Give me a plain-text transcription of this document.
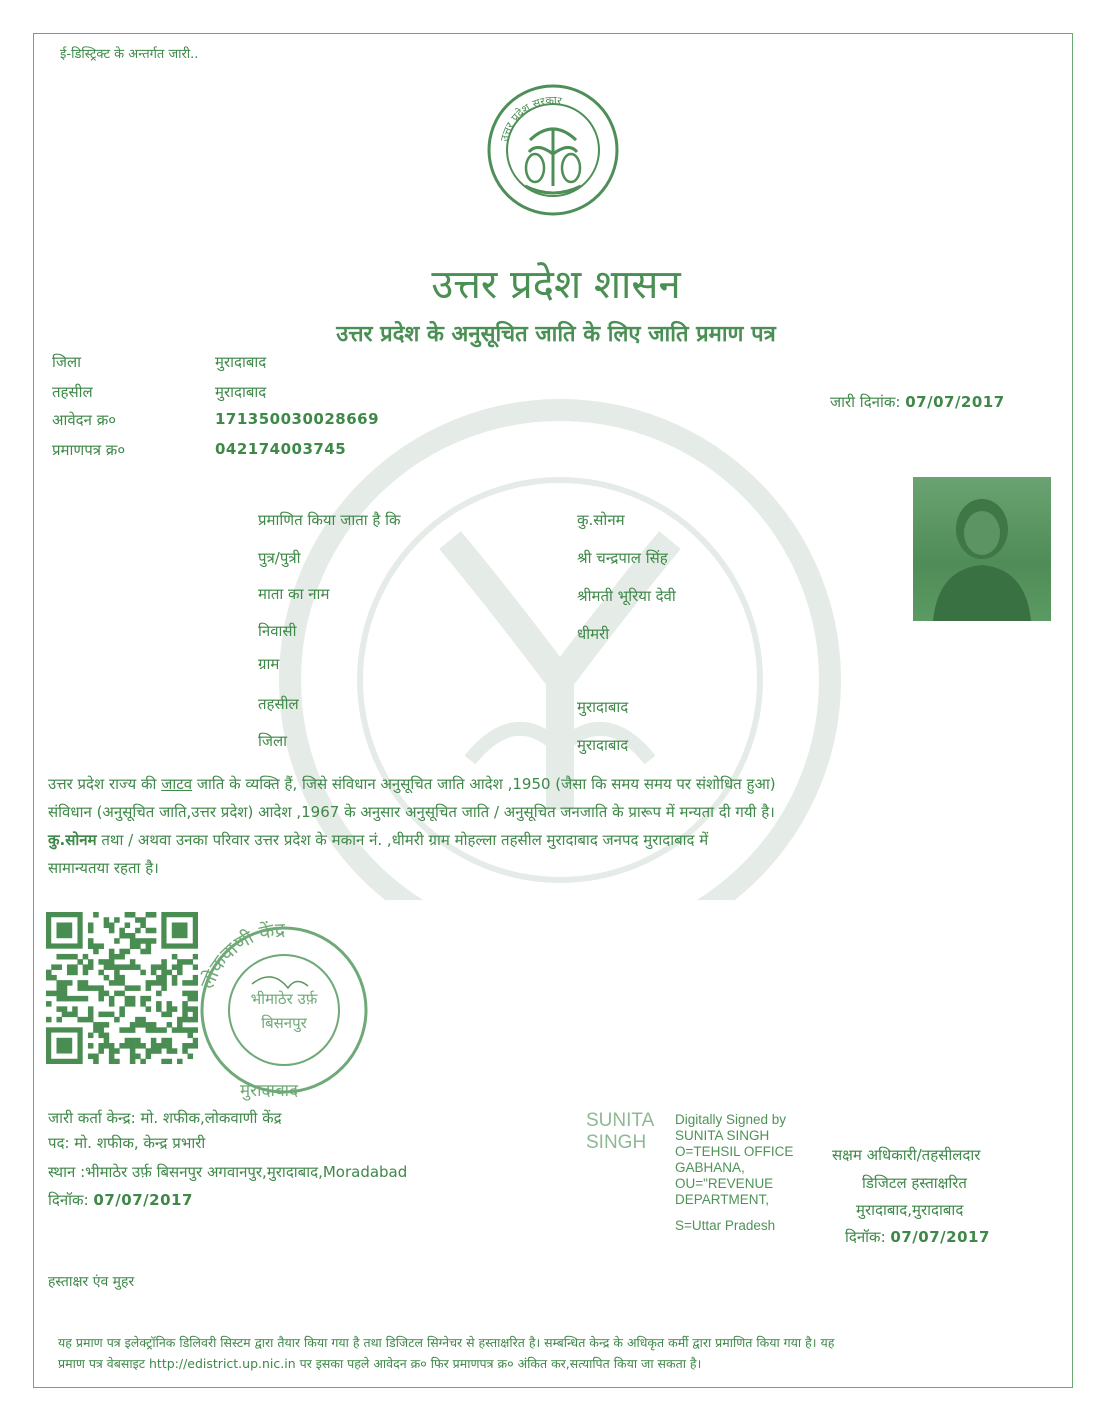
ई-डिस्ट्रिक्ट के अन्तर्गत जारी..
उत्तर प्रदेश सरकार
उत्तर प्रदेश शासन
उत्तर प्रदेश के अनुसूचित जाति के लिए जाति प्रमाण पत्र
जिला	मुरादाबाद
तहसील	मुरादाबाद
आवेदन क्र०	171350030028669
प्रमाणपत्र क्र०	042174003745
जारी दिनांक: 07/07/2017
प्रमाणित किया जाता है कि	कु.सोनम
पुत्र/पुत्री	श्री चन्द्रपाल सिंह
माता का नाम	श्रीमती भूरिया देवी
निवासी	धीमरी
ग्राम
तहसील	मुरादाबाद
जिला	मुरादाबाद
उत्तर प्रदेश राज्य की जाटव जाति के व्यक्ति हैं, जिसे संविधान अनुसूचित जाति आदेश ,1950 (जैसा कि समय समय पर संशोधित हुआ)
संविधान (अनुसूचित जाति,उत्तर प्रदेश) आदेश ,1967 के अनुसार अनुसूचित जाति / अनुसूचित जनजाति के प्रारूप में मन्यता दी गयी है।
कु.सोनम तथा / अथवा उनका परिवार उत्तर प्रदेश के मकान नं. ,धीमरी ग्राम मोहल्ला तहसील मुरादाबाद जनपद मुरादाबाद में
सामान्यतया रहता है।
लोकवाणी केंद्र
भीमाठेर उर्फ़
बिसनपुर
मुरादाबाद
जारी कर्ता केन्द्र: मो. शफीक,लोकवाणी केंद्र
पद: मो. शफीक, केन्द्र प्रभारी
स्थान :भीमाठेर उर्फ़ बिसनपुर अगवानपुर,मुरादाबाद,Moradabad
दिनॉक: 07/07/2017
SUNITA
SINGH
Digitally Signed by
SUNITA SINGH
O=TEHSIL OFFICE
GABHANA,
OU="REVENUE
DEPARTMENT,
S=Uttar Pradesh
सक्षम अधिकारी/तहसीलदार
डिजिटल हस्ताक्षरित
मुरादाबाद,मुरादाबाद
दिनॉक: 07/07/2017
हस्ताक्षर एंव मुहर
यह प्रमाण पत्र इलेक्ट्रॉनिक डिलिवरी सिस्टम द्वारा तैयार किया गया है तथा डिजिटल सिग्नेचर से हस्ताक्षरित है। सम्बन्धित केन्द्र के अधिकृत कर्मी द्वारा प्रमाणित किया गया है। यह
प्रमाण पत्र वेबसाइट http://edistrict.up.nic.in पर इसका पहले आवेदन क्र० फिर प्रमाणपत्र क्र० अंकित कर,सत्यापित किया जा सकता है।
